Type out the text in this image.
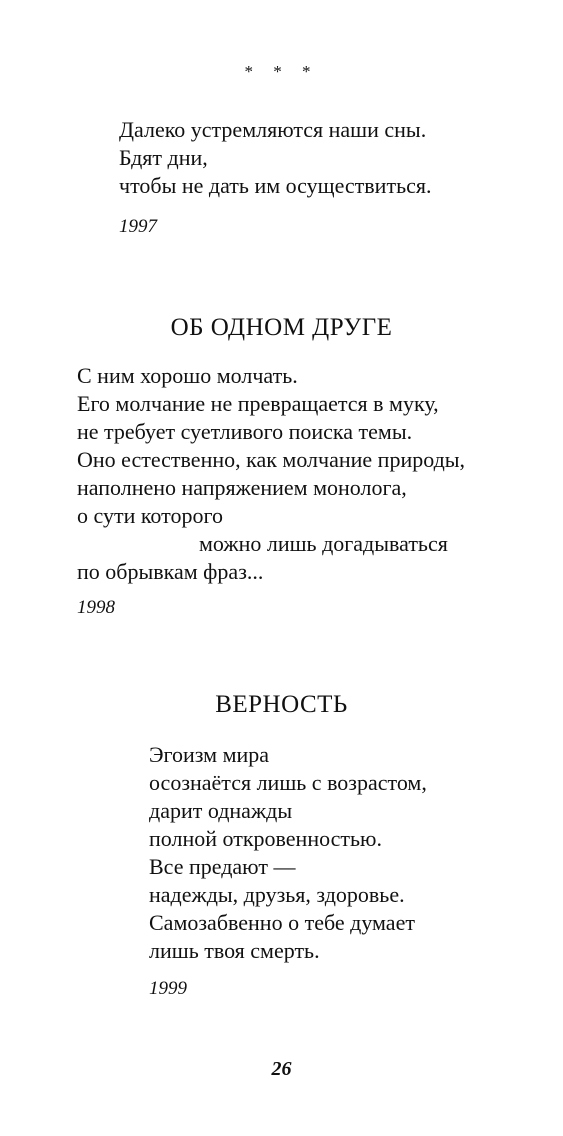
* * *
Далеко устремляются наши сны.
Бдят дни,
чтобы не дать им осуществиться.
1997
ОБ ОДНОМ ДРУГЕ
С ним хорошо молчать.
Его молчание не превращается в муку,
не требует суетливого поиска темы.
Оно естественно, как молчание природы,
наполнено напряжением монолога,
о сути которого
можно лишь догадываться
по обрывкам фраз...
1998
ВЕРНОСТЬ
Эгоизм мира
осознаётся лишь с возрастом,
дарит однажды
полной откровенностью.
Все предают —
надежды, друзья, здоровье.
Самозабвенно о тебе думает
лишь твоя смерть.
1999
26
